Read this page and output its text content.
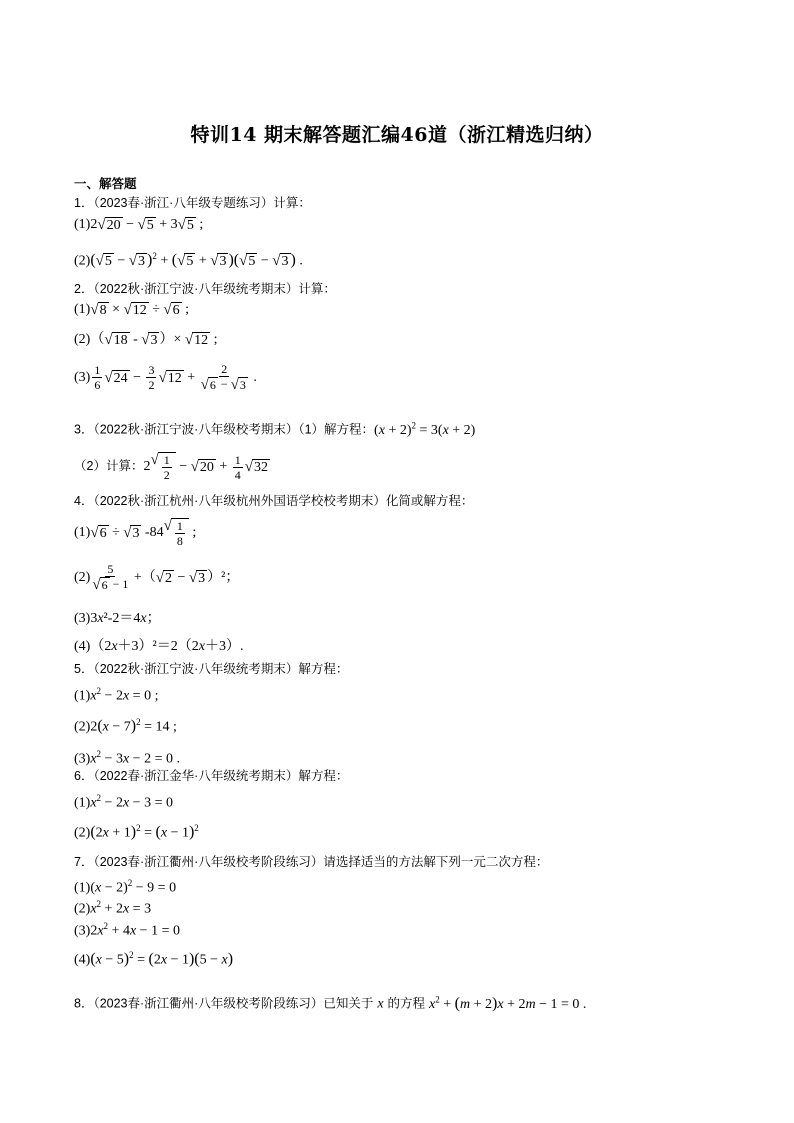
特训14 期末解答题汇编46道（浙江精选归纳）
一、解答题
1．（2023春·浙江·八年级专题练习）计算：
(1)2 √ 20 − √ 5 + 3 √ 5 ;
(2)( √ 5 − √ 3 )$^2$ + ( √ 5 + √ 3 )( √ 5 − √ 3 ) .
2．（2022秋·浙江宁波·八年级统考期末）计算：
(1) √ 8 × √ 12 ÷ √ 6 ;
(2)（ √ 18 - √ 3 ）× √ 12 ;
$(3) \frac{1}{6}$ √ $24 - \frac{3}{2}$ √ $12 + \frac{2}{√ 6 - √ 3}$ .
3．（2022秋·浙江宁波·八年级校考期末）（1）解方程：$(x + 2)^2 = 3(x + 2)$
（2）计算：2 √ $\frac{1}{2}$ − √ $20 + \frac{1}{4}$ √ 32
4．（2022秋·浙江杭州·八年级杭州外国语学校校考期末）化简或解方程：
(1) √ 6 ÷ √ 3 -84 √ $\frac{1}{8}$ ;
$(2) \frac{5}{√ 6 - 1}$ +（ √ 2 − √ 3 ）²；
(3)3x²-2＝4x；
(4)（2x＋3）²＝2（2x＋3）.
5．（2022秋·浙江宁波·八年级统考期末）解方程：
$(1)x^2 - 2x = 0$ ;
$(2)2(x - 7)^2 = 14$ ;
$(3)x^2 - 3x - 2 = 0$ .
6．（2022春·浙江金华·八年级统考期末）解方程：
$(1)x^2 - 2x - 3 = 0$
$(2)(2x + 1)^2 = (x - 1)^2$
7．（2023春·浙江衢州·八年级校考阶段练习）请选择适当的方法解下列一元二次方程：
$(1)(x - 2)^2 - 9 = 0$
$(2)x^2 + 2x = 3$
$(3)2x^2 + 4x - 1 = 0$
$(4)(x - 5)^2 = (2x - 1)(5 - x)$
8．（2023春·浙江衢州·八年级校考阶段练习）已知关于 x 的方程 $x^2 + (m + 2)x + 2m - 1 = 0$ .
